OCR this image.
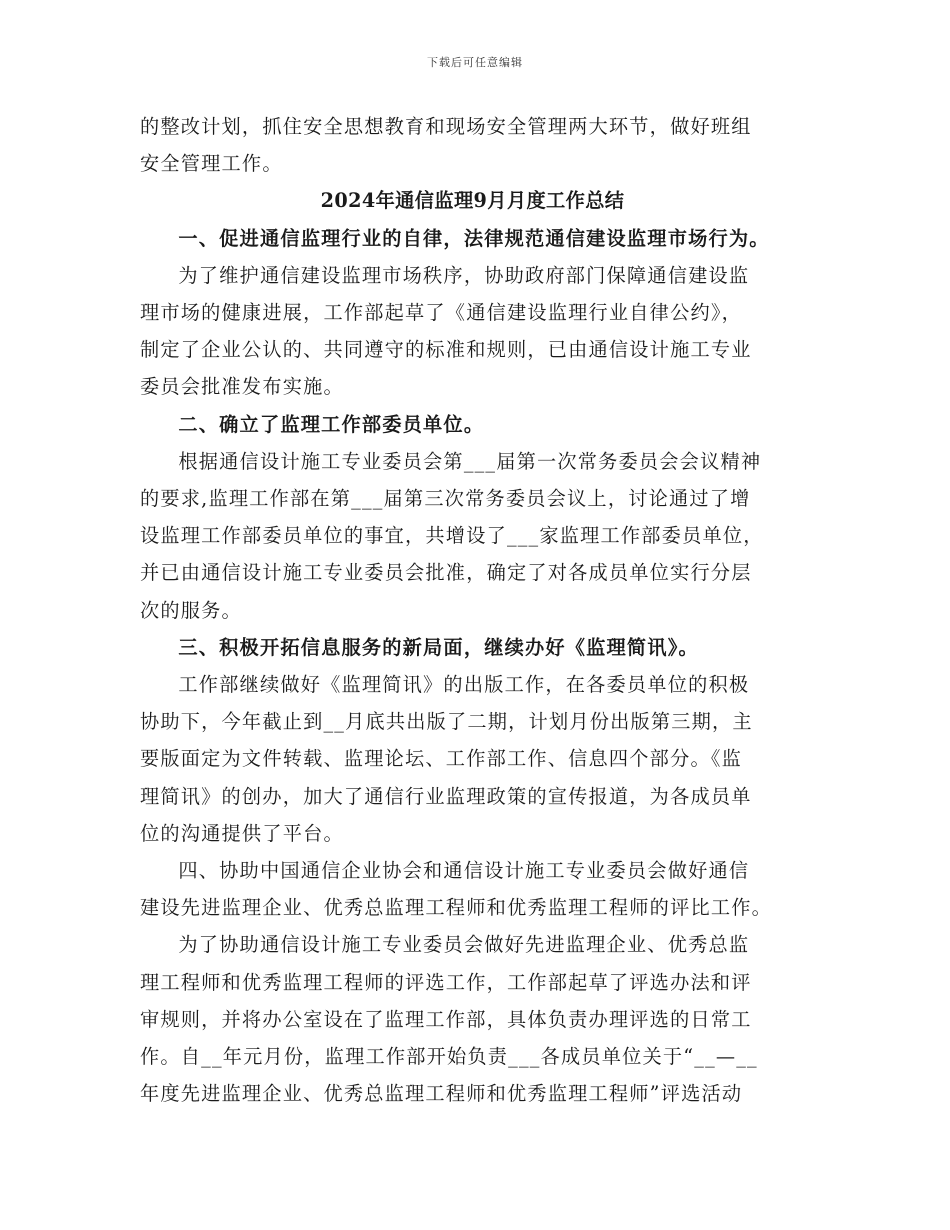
下载后可任意编辑

的整改计划，抓住安全思想教育和现场安全管理两大环节，做好班组

安全管理工作。

2024年通信监理9月月度工作总结

一、促进通信监理行业的自律，法律规范通信建设监理市场行为。

为了维护通信建设监理市场秩序，协助政府部门保障通信建设监

理市场的健康进展，工作部起草了《通信建设监理行业自律公约》，

制定了企业公认的、共同遵守的标准和规则，已由通信设计施工专业

委员会批准发布实施。

二、确立了监理工作部委员单位。

根据通信设计施工专业委员会第___届第一次常务委员会会议精神

的要求,监理工作部在第___届第三次常务委员会议上，讨论通过了增

设监理工作部委员单位的事宜，共增设了___家监理工作部委员单位，

并已由通信设计施工专业委员会批准，确定了对各成员单位实行分层

次的服务。

三、积极开拓信息服务的新局面，继续办好《监理简讯》。

工作部继续做好《监理简讯》的出版工作，在各委员单位的积极

协助下，今年截止到__月底共出版了二期，计划月份出版第三期，主

要版面定为文件转载、监理论坛、工作部工作、信息四个部分。《监

理简讯》的创办，加大了通信行业监理政策的宣传报道，为各成员单

位的沟通提供了平台。

四、协助中国通信企业协会和通信设计施工专业委员会做好通信

建设先进监理企业、优秀总监理工程师和优秀监理工程师的评比工作。

为了协助通信设计施工专业委员会做好先进监理企业、优秀总监

理工程师和优秀监理工程师的评选工作，工作部起草了评选办法和评

审规则，并将办公室设在了监理工作部，具体负责办理评选的日常工

作。自__年元月份，监理工作部开始负责___各成员单位关于“__—__

年度先进监理企业、优秀总监理工程师和优秀监理工程师”评选活动
